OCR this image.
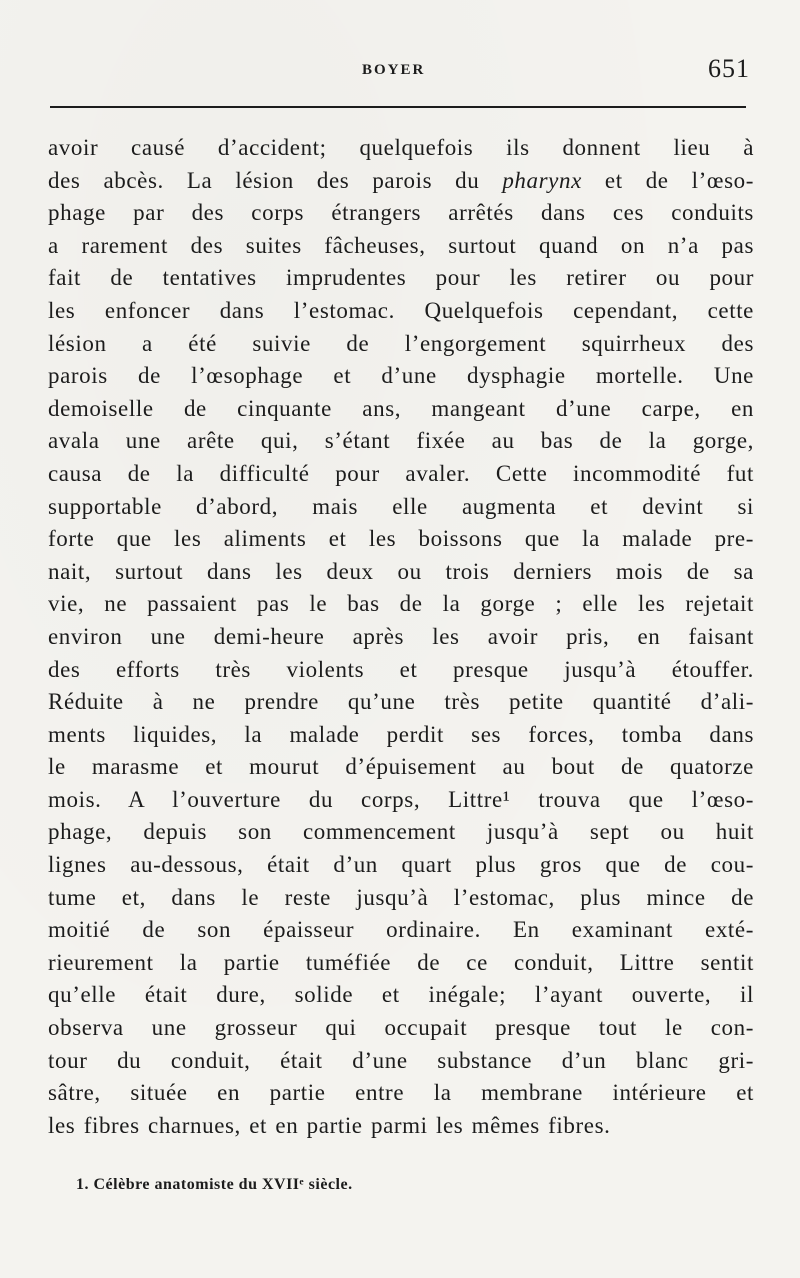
BOYER	651
avoir causé d’accident; quelquefois ils donnent lieu à
des abcès. La lésion des parois du pharynx et de l’œso-
phage par des corps étrangers arrêtés dans ces conduits
a rarement des suites fâcheuses, surtout quand on n’a pas
fait de tentatives imprudentes pour les retirer ou pour
les enfoncer dans l’estomac. Quelquefois cependant, cette
lésion a été suivie de l’engorgement squirrheux des
parois de l’œsophage et d’une dysphagie mortelle. Une
demoiselle de cinquante ans, mangeant d’une carpe, en
avala une arête qui, s’étant fixée au bas de la gorge,
causa de la difficulté pour avaler. Cette incommodité fut
supportable d’abord, mais elle augmenta et devint si
forte que les aliments et les boissons que la malade pre-
nait, surtout dans les deux ou trois derniers mois de sa
vie, ne passaient pas le bas de la gorge ; elle les rejetait
environ une demi-heure après les avoir pris, en faisant
des efforts très violents et presque jusqu’à étouffer.
Réduite à ne prendre qu’une très petite quantité d’ali-
ments liquides, la malade perdit ses forces, tomba dans
le marasme et mourut d’épuisement au bout de quatorze
mois. A l’ouverture du corps, Littre¹ trouva que l’œso-
phage, depuis son commencement jusqu’à sept ou huit
lignes au-dessous, était d’un quart plus gros que de cou-
tume et, dans le reste jusqu’à l’estomac, plus mince de
moitié de son épaisseur ordinaire. En examinant exté-
rieurement la partie tuméfiée de ce conduit, Littre sentit
qu’elle était dure, solide et inégale; l’ayant ouverte, il
observa une grosseur qui occupait presque tout le con-
tour du conduit, était d’une substance d’un blanc gri-
sâtre, située en partie entre la membrane intérieure et
les fibres charnues, et en partie parmi les mêmes fibres.
1. Célèbre anatomiste du XVIIᵉ siècle.
